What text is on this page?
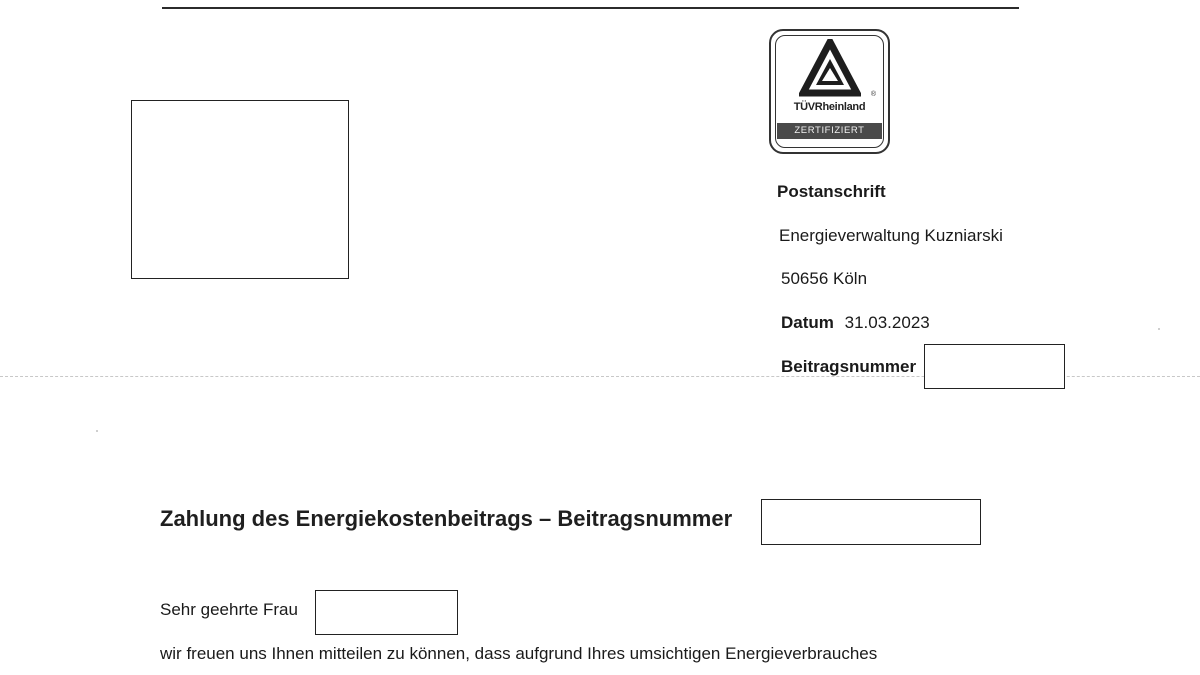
®
TÜVRheinland
ZERTIFIZIERT
Postanschrift
Energieverwaltung Kuzniarski
50656 Köln
Datum 31.03.2023
Beitragsnummer
Zahlung des Energiekostenbeitrags – Beitragsnummer
Sehr geehrte Frau
wir freuen uns Ihnen mitteilen zu können, dass aufgrund Ihres umsichtigen Energieverbrauches
